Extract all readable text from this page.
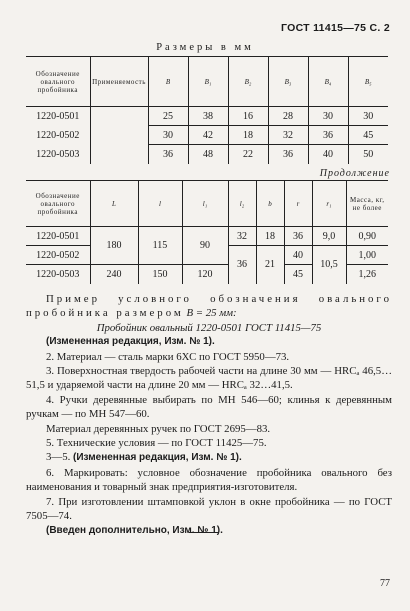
ГОСТ 11415—75 С. 2
Размеры в мм
Обозначение овального пробойника	Применяемость	B	B₁	B₂	B₃	B₄	B₅
1220-0501		25	38	16	28	30	30
1220-0502		30	42	18	32	36	45
1220-0503		36	48	22	36	40	50
Продолжение
Обозначение овального пробойника	L	l	l₁	l₂	b	r	r₁	Масса, кг, не более
1220-0501	180	115	90	32	18	36	9,0	0,90
1220-0502				36	21	40	10,5	1,00
1220-0503	240	150	120			45		1,26

Пример условного обозначения овального пробойника размером B = 25 мм:

Пробойник овальный 1220-0501 ГОСТ 11415—75

(Измененная редакция, Изм. № 1).

2. Материал — сталь марки 6ХС по ГОСТ 5950—73.

3. Поверхностная твердость рабочей части на длине 30 мм — HRCₐ 46,5…51,5 и ударяемой части на длине 20 мм — HRCₐ 32…41,5.

4. Ручки деревянные выбирать по МН 546—60; клинья к деревянным ручкам — по МН 547—60.

Материал деревянных ручек по ГОСТ 2695—83.

5. Технические условия — по ГОСТ 11425—75.

3—5. (Измененная редакция, Изм. № 1).

6. Маркировать: условное обозначение пробойника овального без наименования и товарный знак предприятия-изготовителя.

7. При изготовлении штамповкой уклон в окне пробойника — по ГОСТ 7505—74.

(Введен дополнительно, Изм. № 1).

77
